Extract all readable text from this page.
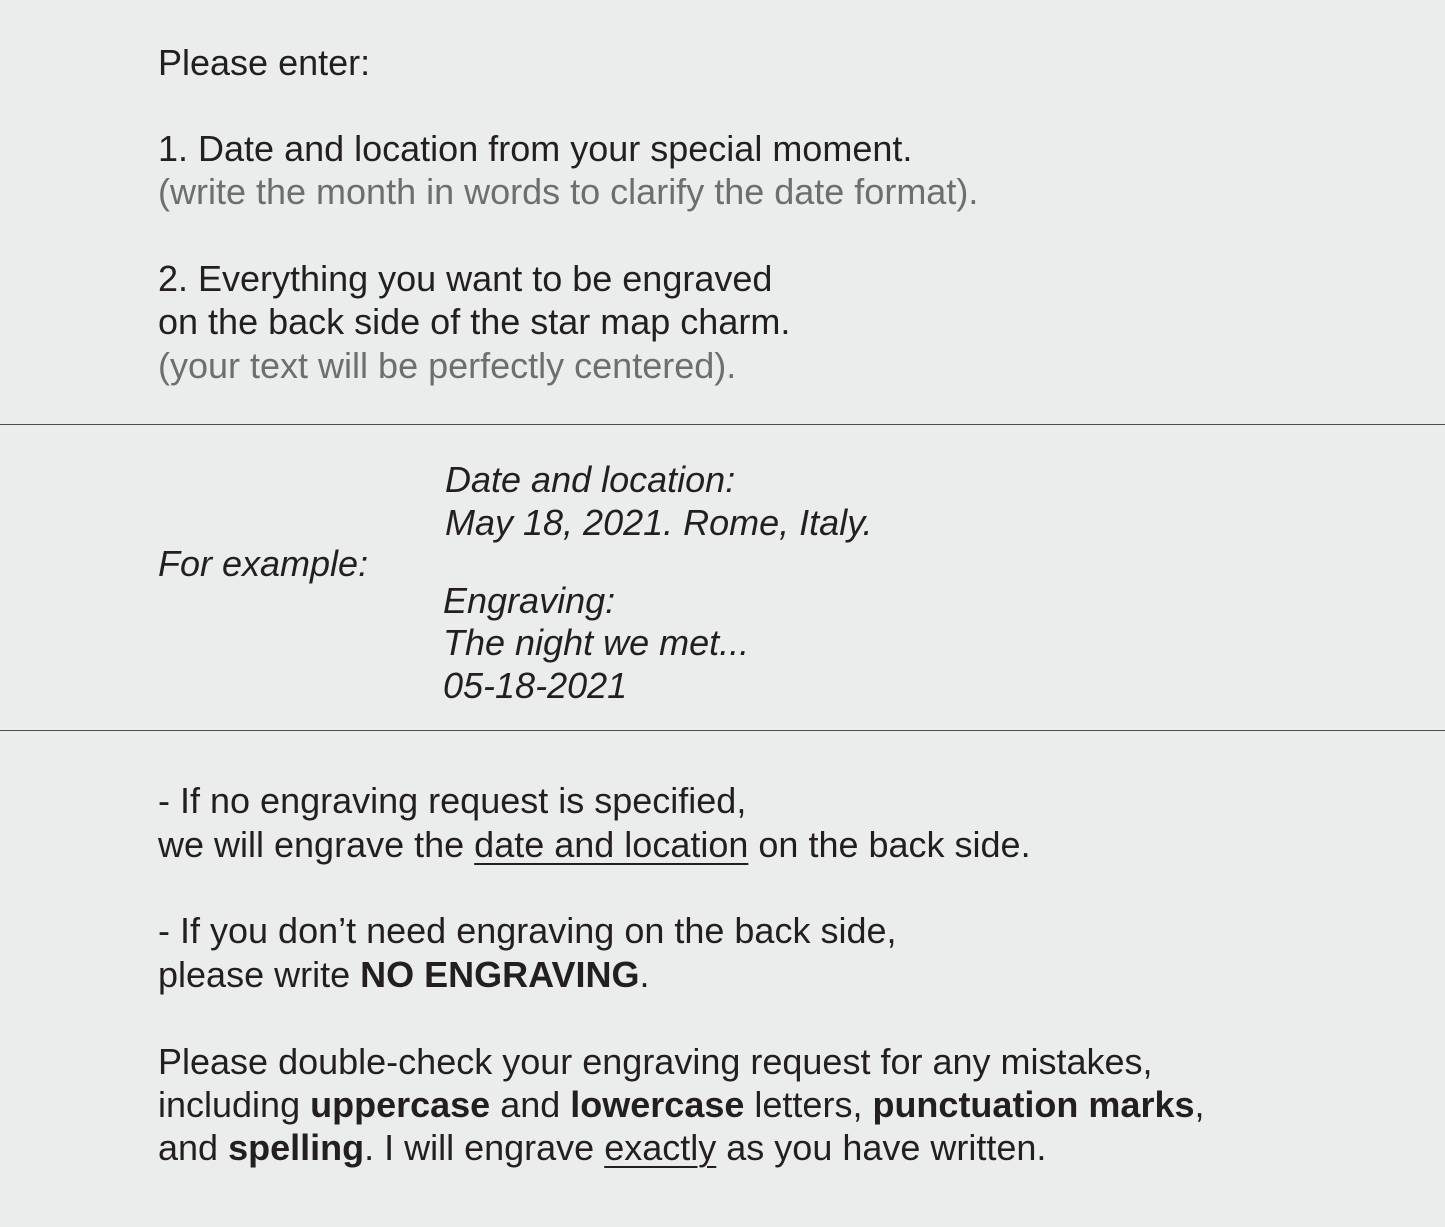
Please enter:
1. Date and location from your special moment.
(write the month in words to clarify the date format).
2. Everything you want to be engraved
on the back side of the star map charm.
(your text will be perfectly centered).
Date and location:
May 18, 2021. Rome, Italy.
For example:
Engraving:
The night we met...
05-18-2021
- If no engraving request is specified,
we will engrave the date and location on the back side.
- If you don’t need engraving on the back side,
please write NO ENGRAVING.
Please double-check your engraving request for any mistakes,
including uppercase and lowercase letters, punctuation marks,
and spelling. I will engrave exactly as you have written.
